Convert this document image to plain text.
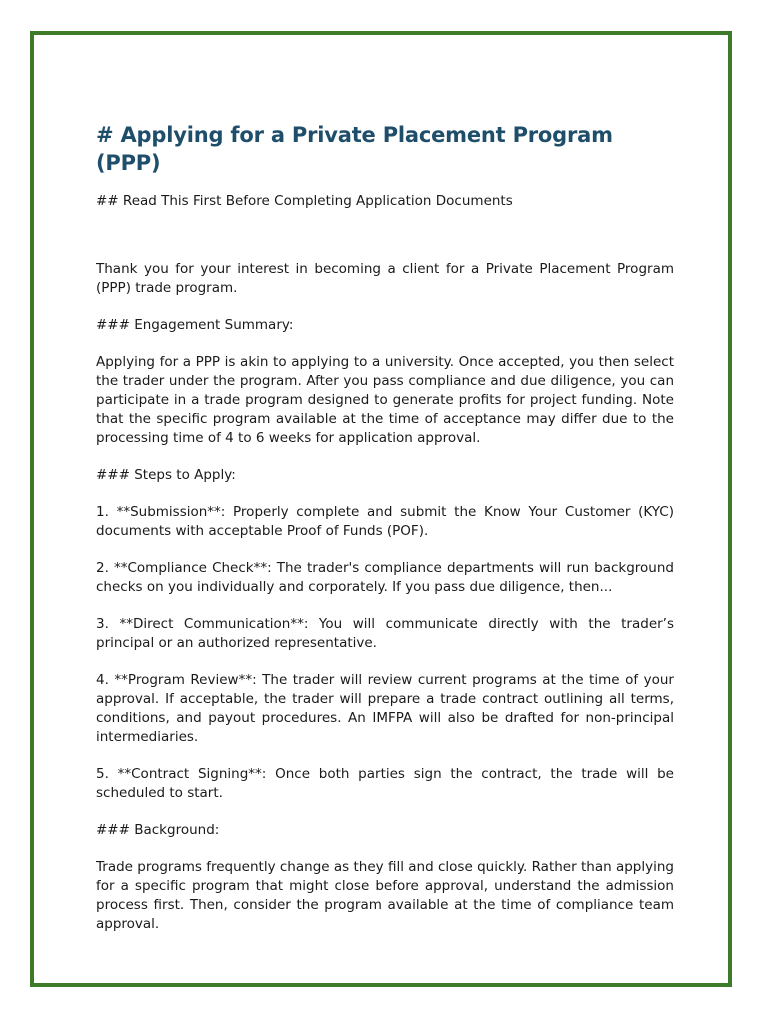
# Applying for a Private Placement Program (PPP)

## Read This First Before Completing Application Documents

Thank you for your interest in becoming a client for a Private Placement Program (PPP) trade program.

### Engagement Summary:

Applying for a PPP is akin to applying to a university. Once accepted, you then select the trader under the program. After you pass compliance and due diligence, you can participate in a trade program designed to generate profits for project funding. Note that the specific program available at the time of acceptance may differ due to the processing time of 4 to 6 weeks for application approval.

### Steps to Apply:

1. **Submission**: Properly complete and submit the Know Your Customer (KYC) documents with acceptable Proof of Funds (POF).

2. **Compliance Check**: The trader's compliance departments will run background checks on you individually and corporately. If you pass due diligence, then...

3. **Direct Communication**: You will communicate directly with the trader’s principal or an authorized representative.

4. **Program Review**: The trader will review current programs at the time of your approval. If acceptable, the trader will prepare a trade contract outlining all terms, conditions, and payout procedures. An IMFPA will also be drafted for non-principal intermediaries.

5. **Contract Signing**: Once both parties sign the contract, the trade will be scheduled to start.

### Background:

Trade programs frequently change as they fill and close quickly. Rather than applying for a specific program that might close before approval, understand the admission process first. Then, consider the program available at the time of compliance team approval.
